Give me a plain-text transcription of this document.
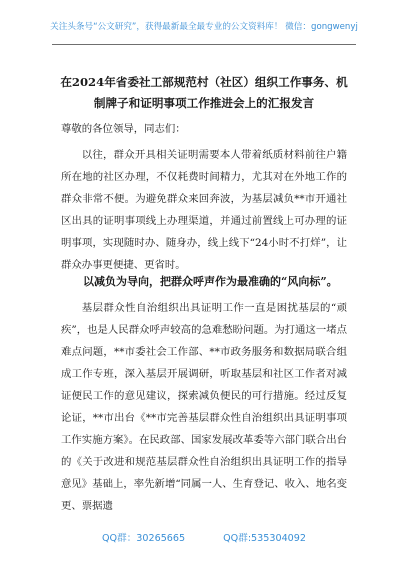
关注头条号“公文研究”，获得最新最全最专业的公文资料库！ 微信：gongwenyj
在2024年省委社工部规范村（社区）组织工作事务、机制牌子和证明事项工作推进会上的汇报发言

尊敬的各位领导，同志们：

以往，群众开具相关证明需要本人带着纸质材料前往户籍所在地的社区办理，不仅耗费时间精力，尤其对在外地工作的群众非常不便。为避免群众来回奔波，为基层减负**市开通社区出具的证明事项线上办理渠道，并通过前置线上可办理的证明事项，实现随时办、随身办，线上线下“24小时不打烊”，让群众办事更便捷、更省时。

以减负为导向，把群众呼声作为最准确的“风向标”。

基层群众性自治组织出具证明工作一直是困扰基层的“顽疾”，也是人民群众呼声较高的急难愁盼问题。为打通这一堵点难点问题，**市委社会工作部、**市政务服务和数据局联合组成工作专班，深入基层开展调研，听取基层和社区工作者对减证便民工作的意见建议，探索减负便民的可行措施。经过反复论证，**市出台《**市完善基层群众性自治组织出具证明事项工作实施方案》。在民政部、国家发展改革委等六部门联合出台的《关于改进和规范基层群众性自治组织出具证明工作的指导意见》基础上，率先新增“同属一人、生育登记、收入、地名变更、票据遗

QQ群：30265665	QQ群:535304092
